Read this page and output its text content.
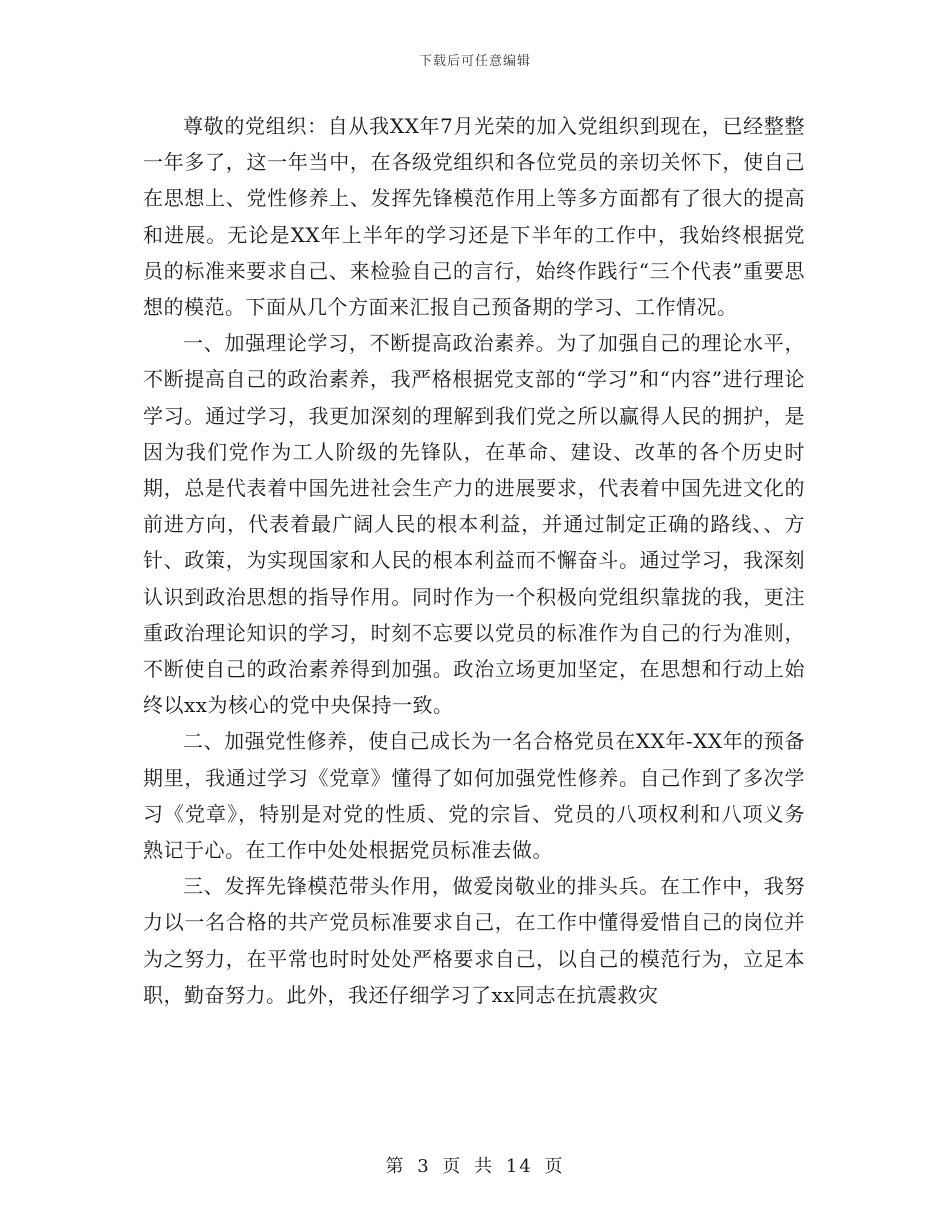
下载后可任意编辑

尊敬的党组织：自从我XX年7月光荣的加入党组织到现在，已经整整一年多了，这一年当中，在各级党组织和各位党员的亲切关怀下，使自己在思想上、党性修养上、发挥先锋模范作用上等多方面都有了很大的提高和进展。无论是XX年上半年的学习还是下半年的工作中，我始终根据党员的标准来要求自己、来检验自己的言行，始终作践行“三个代表”重要思想的模范。下面从几个方面来汇报自己预备期的学习、工作情况。

一、加强理论学习，不断提高政治素养。为了加强自己的理论水平，不断提高自己的政治素养，我严格根据党支部的“学习”和“内容”进行理论学习。通过学习，我更加深刻的理解到我们党之所以赢得人民的拥护，是因为我们党作为工人阶级的先锋队，在革命、建设、改革的各个历史时期，总是代表着中国先进社会生产力的进展要求，代表着中国先进文化的前进方向，代表着最广阔人民的根本利益，并通过制定正确的路线、、方针、政策，为实现国家和人民的根本利益而不懈奋斗。通过学习，我深刻认识到政治思想的指导作用。同时作为一个积极向党组织靠拢的我，更注重政治理论知识的学习，时刻不忘要以党员的标准作为自己的行为准则，不断使自己的政治素养得到加强。政治立场更加坚定，在思想和行动上始终以xx为核心的党中央保持一致。

二、加强党性修养，使自己成长为一名合格党员在XX年-XX年的预备期里，我通过学习《党章》懂得了如何加强党性修养。自己作到了多次学习《党章》，特别是对党的性质、党的宗旨、党员的八项权利和八项义务熟记于心。在工作中处处根据党员标准去做。

三、发挥先锋模范带头作用，做爱岗敬业的排头兵。在工作中，我努力以一名合格的共产党员标准要求自己，在工作中懂得爱惜自己的岗位并为之努力，在平常也时时处处严格要求自己，以自己的模范行为，立足本职，勤奋努力。此外，我还仔细学习了xx同志在抗震救灾

第 3 页 共 14 页
